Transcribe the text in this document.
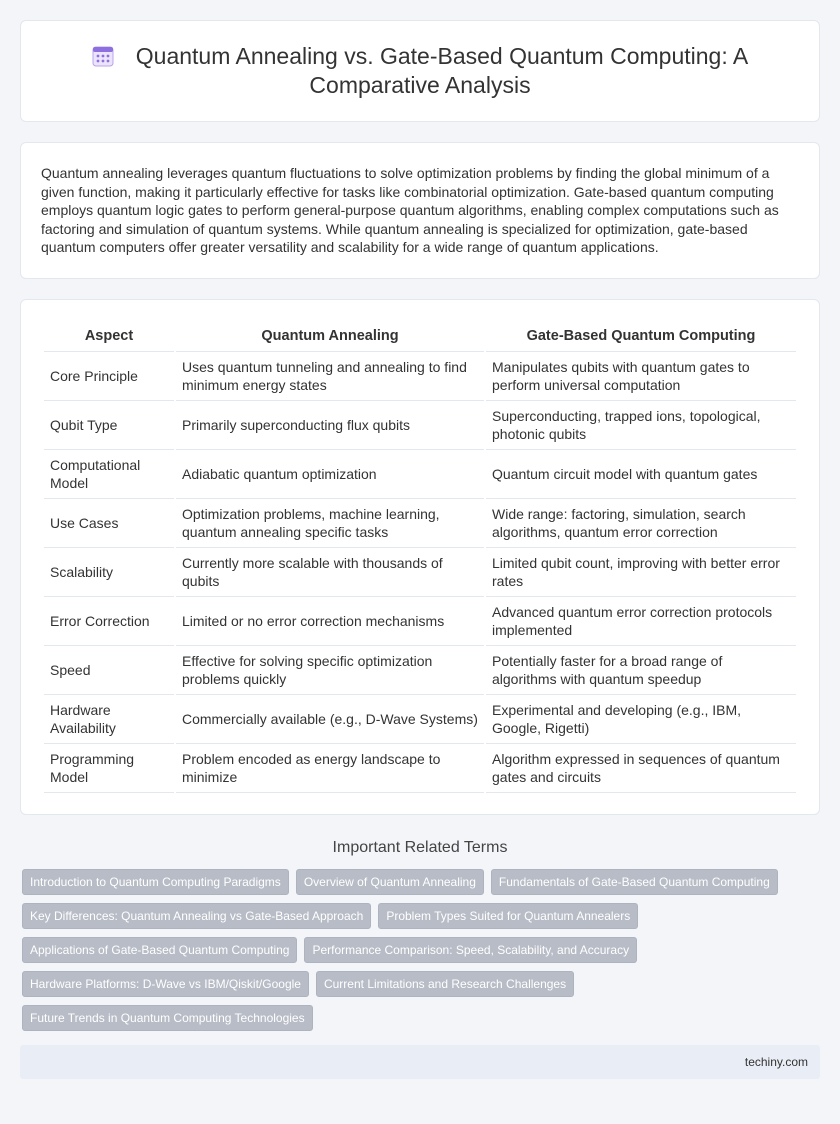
Quantum Annealing vs. Gate-Based Quantum Computing: A Comparative Analysis
Quantum annealing leverages quantum fluctuations to solve optimization problems by finding the global minimum of a given function, making it particularly effective for tasks like combinatorial optimization. Gate-based quantum computing employs quantum logic gates to perform general-purpose quantum algorithms, enabling complex computations such as factoring and simulation of quantum systems. While quantum annealing is specialized for optimization, gate-based quantum computers offer greater versatility and scalability for a wide range of quantum applications.
Aspect	Quantum Annealing	Gate-Based Quantum Computing
Core Principle	Uses quantum tunneling and annealing to find minimum energy states	Manipulates qubits with quantum gates to perform universal computation
Qubit Type	Primarily superconducting flux qubits	Superconducting, trapped ions, topological, photonic qubits
Computational Model	Adiabatic quantum optimization	Quantum circuit model with quantum gates
Use Cases	Optimization problems, machine learning, quantum annealing specific tasks	Wide range: factoring, simulation, search algorithms, quantum error correction
Scalability	Currently more scalable with thousands of qubits	Limited qubit count, improving with better error rates
Error Correction	Limited or no error correction mechanisms	Advanced quantum error correction protocols implemented
Speed	Effective for solving specific optimization problems quickly	Potentially faster for a broad range of algorithms with quantum speedup
Hardware Availability	Commercially available (e.g., D-Wave Systems)	Experimental and developing (e.g., IBM, Google, Rigetti)
Programming Model	Problem encoded as energy landscape to minimize	Algorithm expressed in sequences of quantum gates and circuits
Important Related Terms
Introduction to Quantum Computing Paradigms	Overview of Quantum Annealing	Fundamentals of Gate-Based Quantum Computing
Key Differences: Quantum Annealing vs Gate-Based Approach	Problem Types Suited for Quantum Annealers
Applications of Gate-Based Quantum Computing	Performance Comparison: Speed, Scalability, and Accuracy
Hardware Platforms: D-Wave vs IBM/Qiskit/Google	Current Limitations and Research Challenges
Future Trends in Quantum Computing Technologies
techiny.com
